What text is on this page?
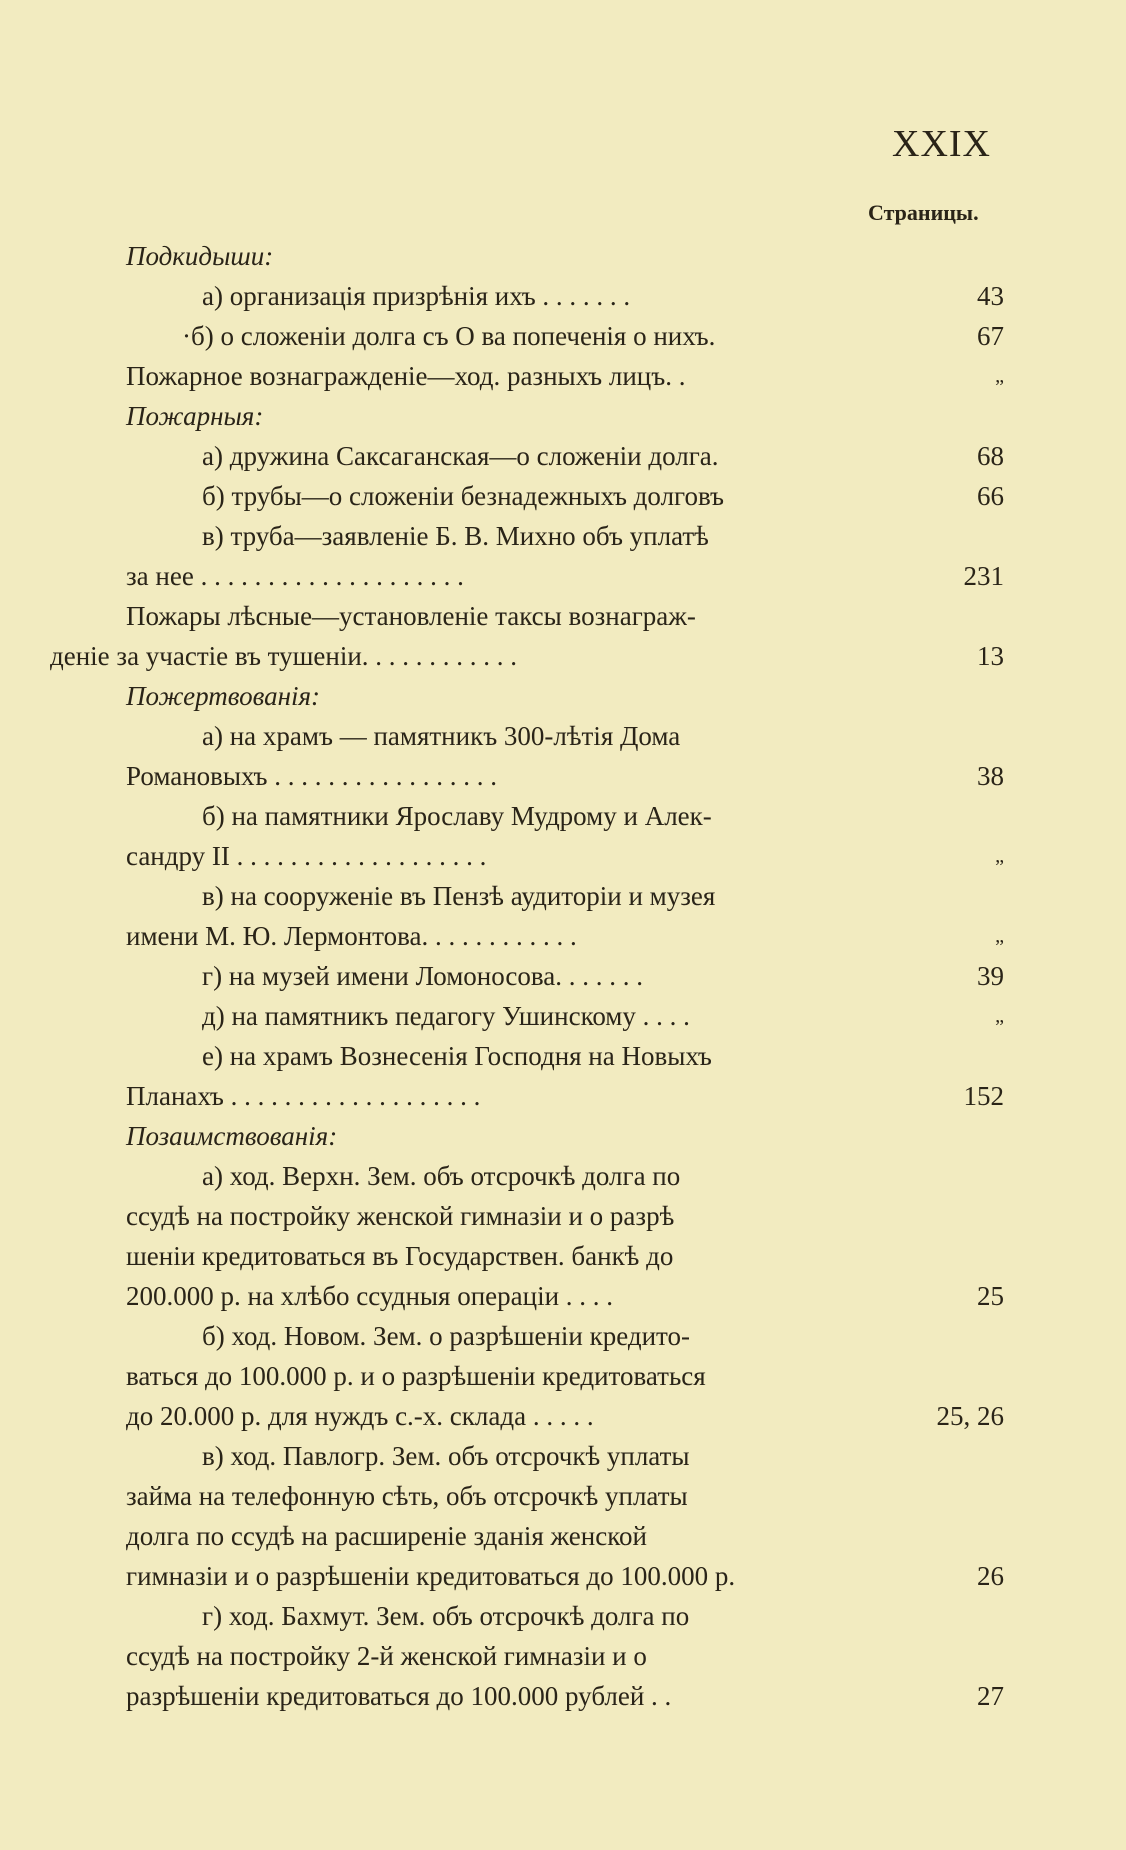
XXIX
Страницы.
Подкидыши:
а) организація призрѣнія ихъ . . . . . . .	43
·б) о сложеніи долга съ О ва попеченія о нихъ.	67
Пожарное вознагражденіе—ход. разныхъ лицъ. .	„
Пожарныя:
а) дружина Саксаганская—о сложеніи долга.	68
б) трубы—о сложеніи безнадежныхъ долговъ	66
в) труба—заявленіе Б. В. Михно объ уплатѣ
за нее . . . . . . . . . . . . . . . . . . . .	231
Пожары лѣсные—установленіе таксы вознаграж-
деніе за участіе въ тушеніи. . . . . . . . . . . .	13
Пожертвованія:
а) на храмъ — памятникъ 300-лѣтія Дома
Романовыхъ . . . . . . . . . . . . . . . . .	38
б) на памятники Ярославу Мудрому и Алек-
сандру II . . . . . . . . . . . . . . . . . . .	„
в) на сооруженіе въ Пензѣ аудиторіи и музея
имени М. Ю. Лермонтова. . . . . . . . . . . .	„
г) на музей имени Ломоносова. . . . . . .	39
д) на памятникъ педагогу Ушинскому . . . .	„
е) на храмъ Вознесенія Господня на Новыхъ
Планахъ . . . . . . . . . . . . . . . . . . .	152
Позаимствованія:
а) ход. Верхн. Зем. объ отсрочкѣ долга по
ссудѣ на постройку женской гимназіи и о разрѣ
шеніи кредитоваться въ Государствен. банкѣ до
200.000 р. на хлѣбо ссудныя операціи . . . .	25
б) ход. Новом. Зем. о разрѣшеніи кредито-
ваться до 100.000 р. и о разрѣшеніи кредитоваться
до 20.000 р. для нуждъ с.-х. склада . . . . .	25, 26
в) ход. Павлогр. Зем. объ отсрочкѣ уплаты
займа на телефонную сѣть, объ отсрочкѣ уплаты
долга по ссудѣ на расширеніе зданія женской
гимназіи и о разрѣшеніи кредитоваться до 100.000 р.	26
г) ход. Бахмут. Зем. объ отсрочкѣ долга по
ссудѣ на постройку 2-й женской гимназіи и о
разрѣшеніи кредитоваться до 100.000 рублей . .	27
